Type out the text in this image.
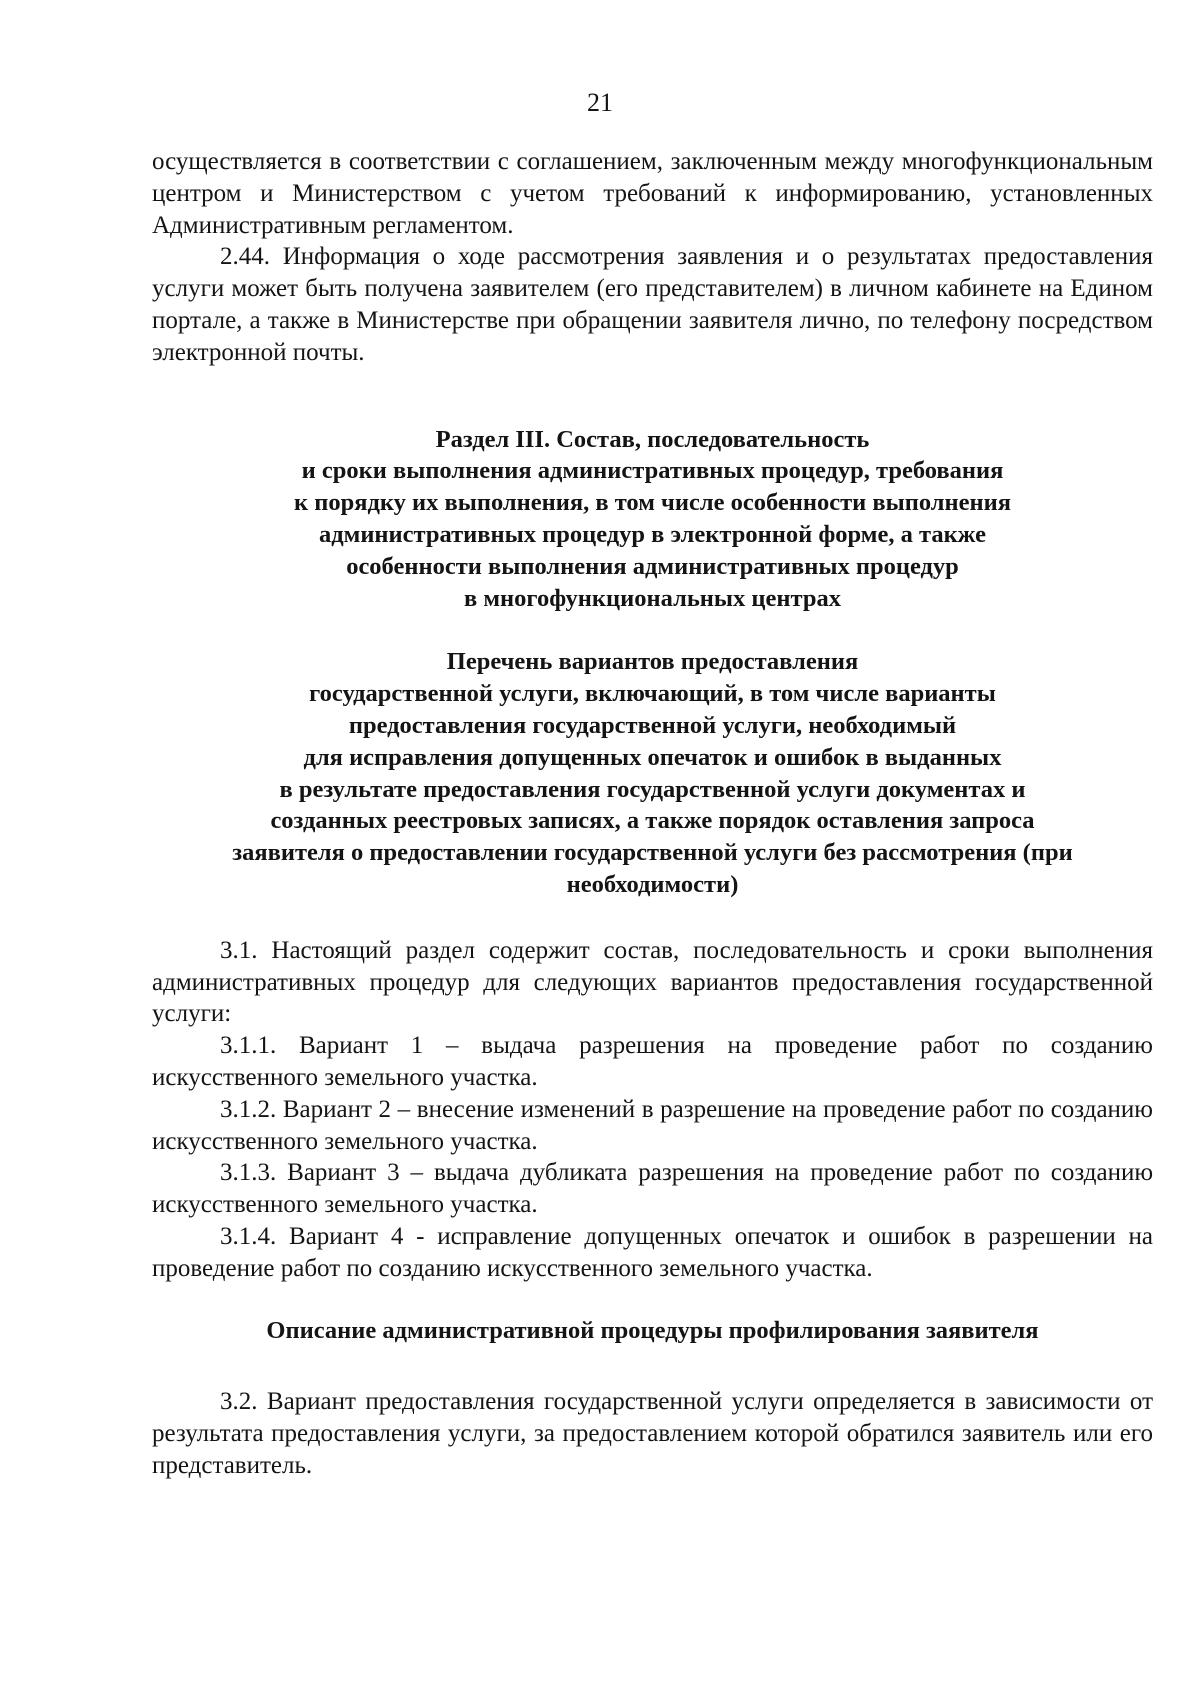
21

осуществляется в соответствии с соглашением, заключенным между многофункциональным центром и Министерством с учетом требований к информированию, установленных Административным регламентом.

2.44. Информация о ходе рассмотрения заявления и о результатах предоставления услуги может быть получена заявителем (его представителем) в личном кабинете на Едином портале, а также в Министерстве при обращении заявителя лично, по телефону посредством электронной почты.

Раздел III. Состав, последовательность
и сроки выполнения административных процедур, требования
к порядку их выполнения, в том числе особенности выполнения
административных процедур в электронной форме, а также
особенности выполнения административных процедур
в многофункциональных центрах
Перечень вариантов предоставления
государственной услуги, включающий, в том числе варианты
предоставления государственной услуги, необходимый
для исправления допущенных опечаток и ошибок в выданных
в результате предоставления государственной услуги документах и
созданных реестровых записях, а также порядок оставления запроса
заявителя о предоставлении государственной услуги без рассмотрения (при
необходимости)

3.1. Настоящий раздел содержит состав, последовательность и сроки выполнения административных процедур для следующих вариантов предоставления государственной услуги:

3.1.1. Вариант 1 – выдача разрешения на проведение работ по созданию искусственного земельного участка.

3.1.2. Вариант 2 – внесение изменений в разрешение на проведение работ по созданию искусственного земельного участка.

3.1.3. Вариант 3 – выдача дубликата разрешения на проведение работ по созданию искусственного земельного участка.

3.1.4. Вариант 4 - исправление допущенных опечаток и ошибок в разрешении на проведение работ по созданию искусственного земельного участка.

Описание административной процедуры профилирования заявителя

3.2. Вариант предоставления государственной услуги определяется в зависимости от результата предоставления услуги, за предоставлением которой обратился заявитель или его представитель.
